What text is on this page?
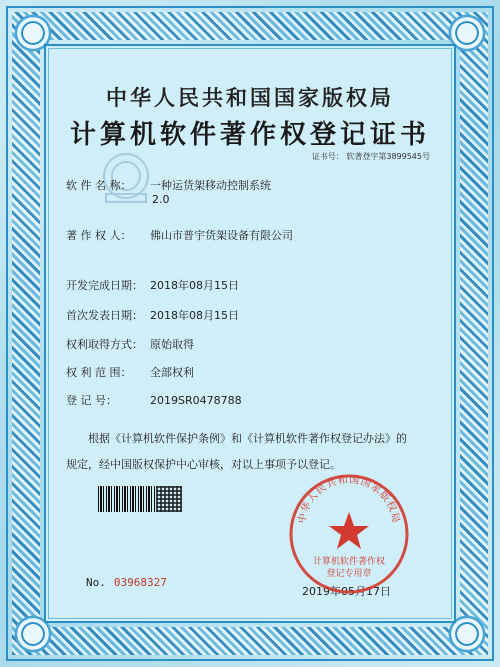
中华人民共和国国家版权局
计算机软件著作权登记证书
证书号： 软著登字第3899545号
软 件 名 称： 一种运货架移动控制系统
2.0
著 作 权 人： 佛山市普宇货架设备有限公司
开发完成日期： 2018年08月15日
首次发表日期： 2018年08月15日
权利取得方式： 原始取得
权 利 范 围： 全部权利
登 记 号：	2019SR0478788
根据《计算机软件保护条例》和《计算机软件著作权登记办法》的
规定，经中国版权保护中心审核，对以上事项予以登记。
No. 03968327
2019年05月17日
中华人民共和国国家版权局
计算机软件著作权
登记专用章
